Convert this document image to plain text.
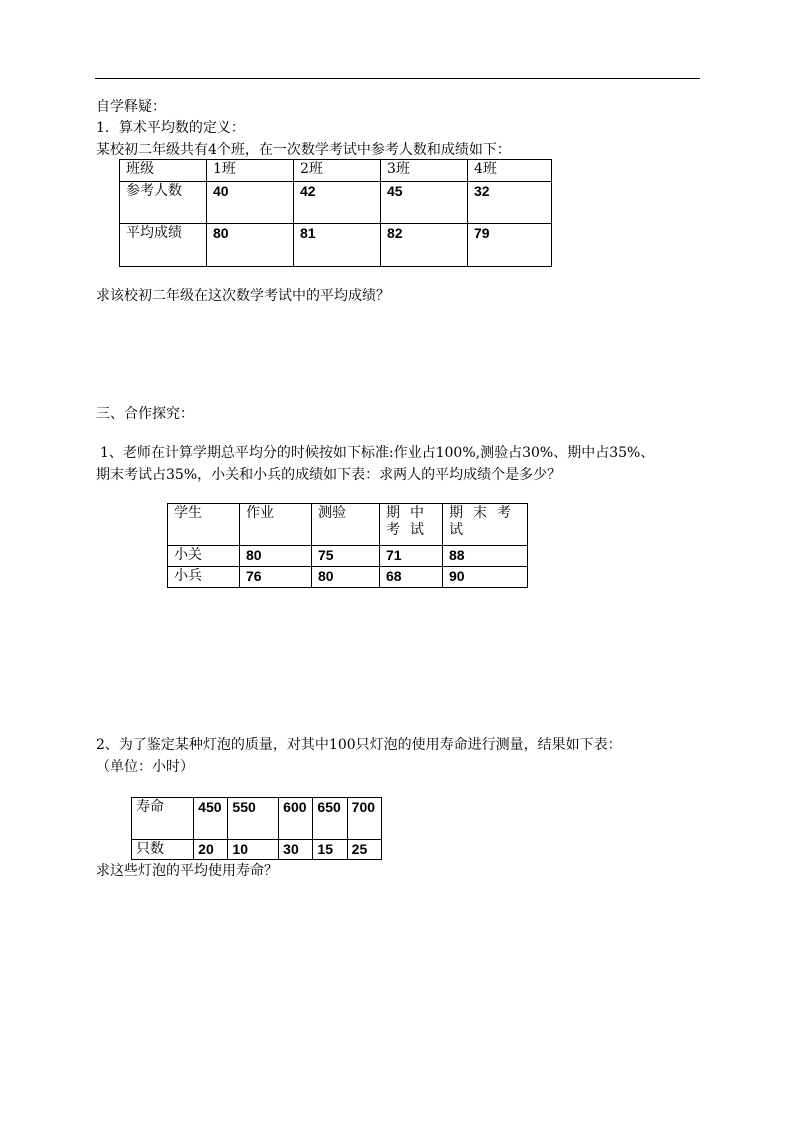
自学释疑：
1．算术平均数的定义：
某校初二年级共有4个班，在一次数学考试中参考人数和成绩如下：
班级	1班	2班	3班	4班
参考人数	40	42	45	32
平均成绩	80	81	82	79
求该校初二年级在这次数学考试中的平均成绩？
三、合作探究：
1、老师在计算学期总平均分的时候按如下标准:作业占100%,测验占30%、期中占35%、
期末考试占35%，小关和小兵的成绩如下表：求两人的平均成绩个是多少？
学生	作业	测验	期中考试	期末考试
小关	80	75	71	88
小兵	76	80	68	90
2、为了鉴定某种灯泡的质量，对其中100只灯泡的使用寿命进行测量，结果如下表：
（单位：小时）
寿命	450	550	600	650	700
只数	20	10	30	15	25
求这些灯泡的平均使用寿命？
